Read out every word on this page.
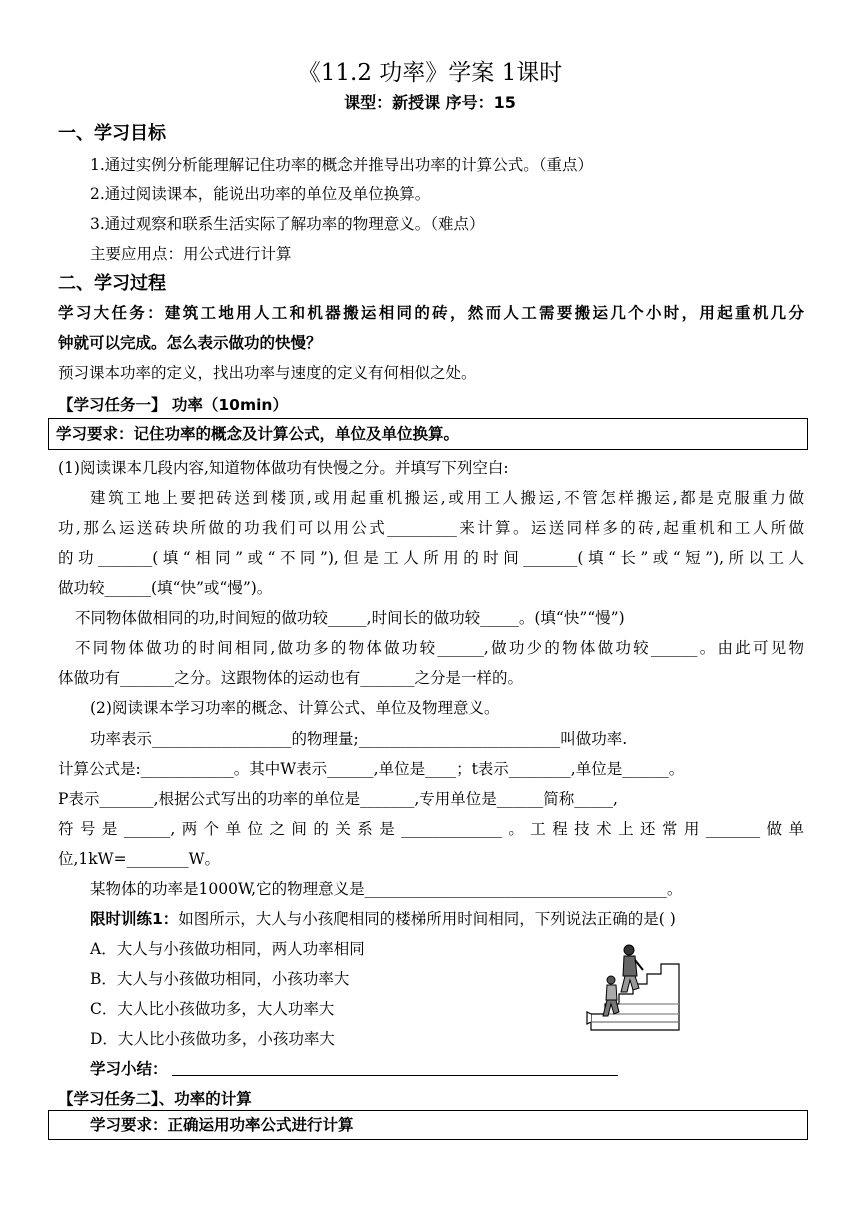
《11.2 功率》学案 1课时
课型：新授课 序号：15
一、学习目标
1.通过实例分析能理解记住功率的概念并推导出功率的计算公式。（重点）
2.通过阅读课本，能说出功率的单位及单位换算。
3.通过观察和联系生活实际了解功率的物理意义。（难点）
主要应用点：用公式进行计算
二、学习过程
学习大任务：建筑工地用人工和机器搬运相同的砖，然而人工需要搬运几个小时，用起重机几分
钟就可以完成。怎么表示做功的快慢？
预习课本功率的定义，找出功率与速度的定义有何相似之处。
【学习任务一】 功率（10min）
学习要求：记住功率的概念及计算公式，单位及单位换算。
(1)阅读课本几段内容,知道物体做功有快慢之分。并填写下列空白:
建筑工地上要把砖送到楼顶,或用起重机搬运,或用工人搬运,不管怎样搬运,都是克服重力做
功,那么运送砖块所做的功我们可以用公式_________来计算。运送同样多的砖,起重机和工人所做
的功_______(填“相同”或“不同”),但是工人所用的时间_______(填“长”或“短”),所以工人
做功较______(填“快”或“慢”)。
不同物体做相同的功,时间短的做功较_____,时间长的做功较_____。(填“快”“慢”)
不同物体做功的时间相同,做功多的物体做功较______,做功少的物体做功较______。由此可见物
体做功有_______之分。这跟物体的运动也有_______之分是一样的。
(2)阅读课本学习功率的概念、计算公式、单位及物理意义。
功率表示__________________的物理量;__________________________叫做功率.
计算公式是:____________。其中W表示______,单位是____；t表示________,单位是______。
P表示_______,根据公式写出的功率的单位是_______,专用单位是______简称_____,
符号是______,两个单位之间的关系是_____________。工程技术上还常用_______做单
位,1kW=________W。
某物体的功率是1000W,它的物理意义是_______________________________________。
限时训练1：如图所示，大人与小孩爬相同的楼梯所用时间相同，下列说法正确的是( )
A．大人与小孩做功相同，两人功率相同
B．大人与小孩做功相同，小孩功率大
C．大人比小孩做功多，大人功率大
D．大人比小孩做功多，小孩功率大
学习小结：
【学习任务二】、功率的计算
学习要求：正确运用功率公式进行计算
